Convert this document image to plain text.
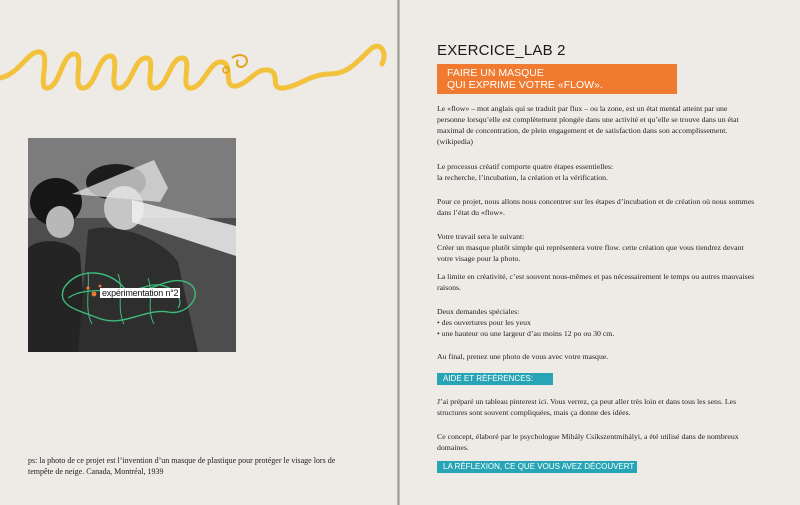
expérimentation n°2
ps: la photo de ce projet est l’invention d’un masque de plastique pour protéger le visage lors de
tempête de neige. Canada, Montréal, 1939
EXERCICE_LAB 2
FAIRE UN MASQUE
QUI EXPRIME VOTRE «FLOW».
Le «flow» – mot anglais qui se traduit par flux – ou la zone, est un état mental atteint par une
personne lorsqu’elle est complètement plongée dans une activité et qu’elle se trouve dans un état
maximal de concentration, de plein engagement et de satisfaction dans son accomplissement.
(wikipedia)
Le processus créatif comporte quatre étapes essentielles:
la recherche, l’incubation, la création et la vérification.
Pour ce projet, nous allons nous concentrer sur les étapes d’incubation et de création où nous sommes
dans l’état du «flow».
Votre travail sera le suivant:
Créer un masque plutôt simple qui représentera votre flow. cette création que vous tiendrez devant
votre visage pour la photo.
La limite en créativité, c’est souvent nous-mêmes et pas nécessairement le temps ou autres mauvaises
raisons.
Deux demandes spéciales:
• des ouvertures pour les yeux
• une hauteur ou une largeur d’au moins 12 po ou 30 cm.
Au final, prenez une photo de vous avec votre masque.
AIDE ET RÉFÉRENCES:
J’ai préparé un tableau pinterest ici. Vous verrez, ça peut aller très loin et dans tous les sens. Les
structures sont souvent compliquées, mais ça donne des idées.
Ce concept, élaboré par le psychologue Mihály Csíkszentmihályi, a été utilisé dans de nombreux
domaines.
LA RÉFLEXION, CE QUE VOUS AVEZ DÉCOUVERT
